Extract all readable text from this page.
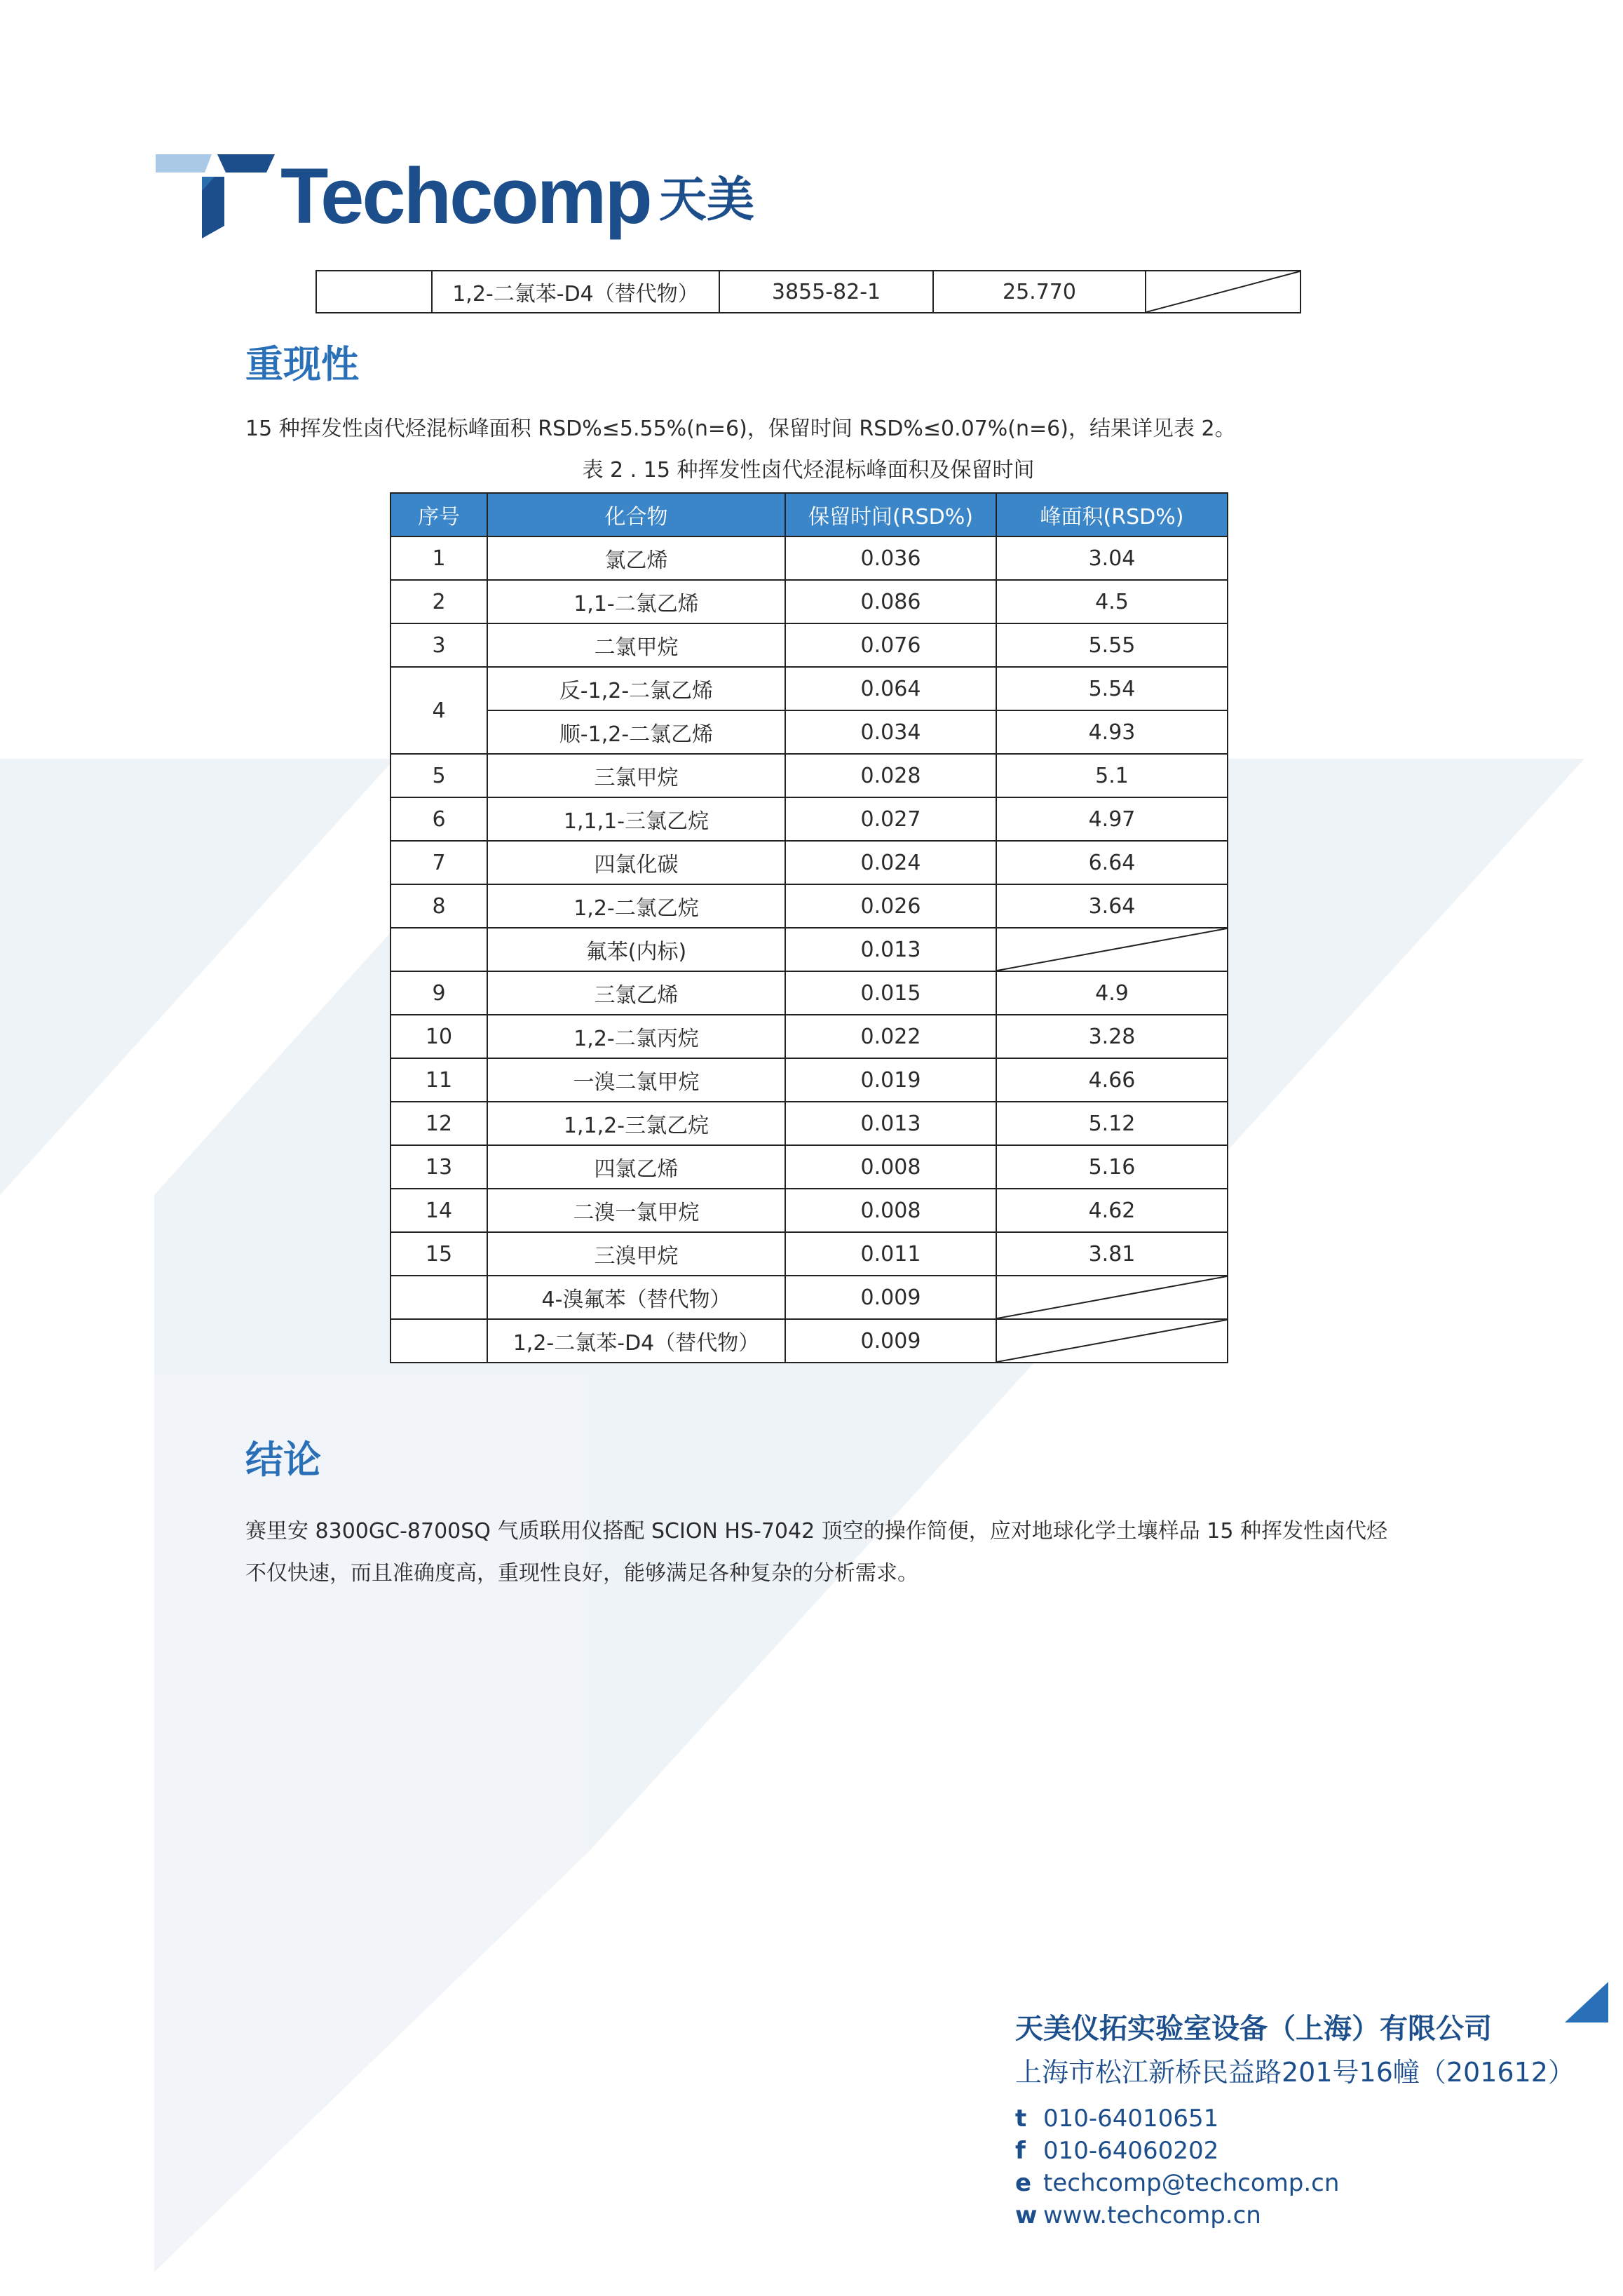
Techcomp 天美
	1,2-二氯苯-D4（替代物）	3855-82-1	25.770	
重现性
15 种挥发性卤代烃混标峰面积 RSD%≤5.55%(n=6)，保留时间 RSD%≤0.07%(n=6)，结果详见表 2。
表 2 . 15 种挥发性卤代烃混标峰面积及保留时间
序号	化合物	保留时间(RSD%)	峰面积(RSD%)
1	氯乙烯	0.036	3.04
2	1,1-二氯乙烯	0.086	4.5
3	二氯甲烷	0.076	5.55
4	反-1,2-二氯乙烯	0.064	5.54
	顺-1,2-二氯乙烯	0.034	4.93
5	三氯甲烷	0.028	5.1
6	1,1,1-三氯乙烷	0.027	4.97
7	四氯化碳	0.024	6.64
8	1,2-二氯乙烷	0.026	3.64
	氟苯(内标)	0.013	

9	三氯乙烯	0.015	4.9
10	1,2-二氯丙烷	0.022	3.28
11	一溴二氯甲烷	0.019	4.66
12	1,1,2-三氯乙烷	0.013	5.12
13	四氯乙烯	0.008	5.16
14	二溴一氯甲烷	0.008	4.62
15	三溴甲烷	0.011	3.81
	4-溴氟苯（替代物）	0.009	

	1,2-二氯苯-D4（替代物）	0.009	
结论
赛里安 8300GC-8700SQ 气质联用仪搭配 SCION HS-7042 顶空的操作简便，应对地球化学土壤样品 15 种挥发性卤代烃
不仅快速，而且准确度高，重现性良好，能够满足各种复杂的分析需求。
天美仪拓实验室设备（上海）有限公司
上海市松江新桥民益路201号16幢（201612）
t 010-64010651
f 010-64060202
e techcomp@techcomp.cn
w www.techcomp.cn
